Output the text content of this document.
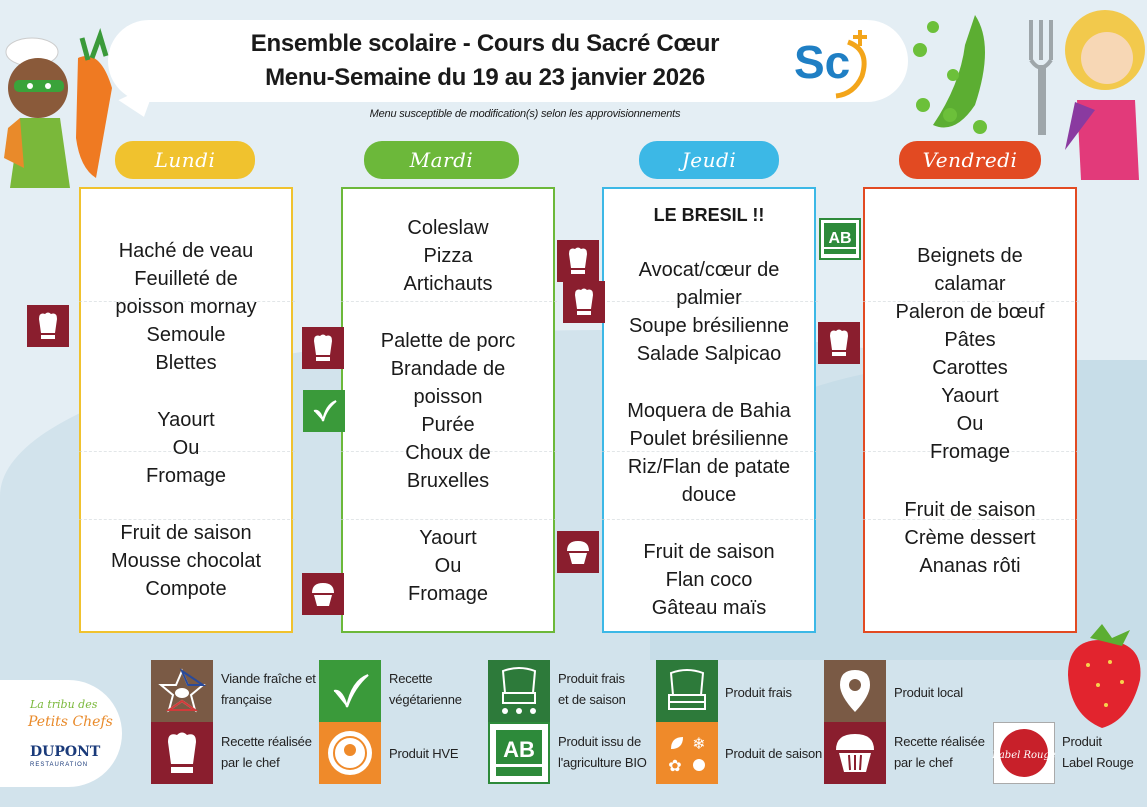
Ensemble scolaire - Cours du Sacré Cœur
Menu-Semaine du 19 au 23 janvier 2026
Menu susceptible de modification(s) selon les approvisionnements
Sc
Lundi	Mardi	Jeudi	Vendredi
Haché de veau
Feuilleté de
poisson mornay
Semoule
Blettes
Yaourt
Ou
Fromage
Fruit de saison
Mousse chocolat
Compote
Coleslaw
Pizza
Artichauts
Palette de porc
Brandade de
poisson
Purée
Choux de
Bruxelles
Yaourt
Ou
Fromage
LE BRESIL !!
Avocat/cœur de
palmier
Soupe brésilienne
Salade Salpicao
Moquera de Bahia
Poulet brésilienne
Riz/Flan de patate
douce
Fruit de saison
Flan coco
Gâteau maïs
Beignets de
calamar
Paleron de bœuf
Pâtes
Carottes
Yaourt
Ou
Fromage
Fruit de saison
Crème dessert
Ananas rôti
AB
La tribu des
Petits Chefs
DUPONT
RESTAURATION
Viande fraîche et
française
Recette
végétarienne
Produit frais
et de saison	Produit frais	Produit local
Recette réalisée
par le chef
Produit HVE AB Produit issu de
l'agriculture BIO
❄
✿
Produit de saison
Recette réalisée
par le chef	Label Rouge
Produit
Label Rouge
